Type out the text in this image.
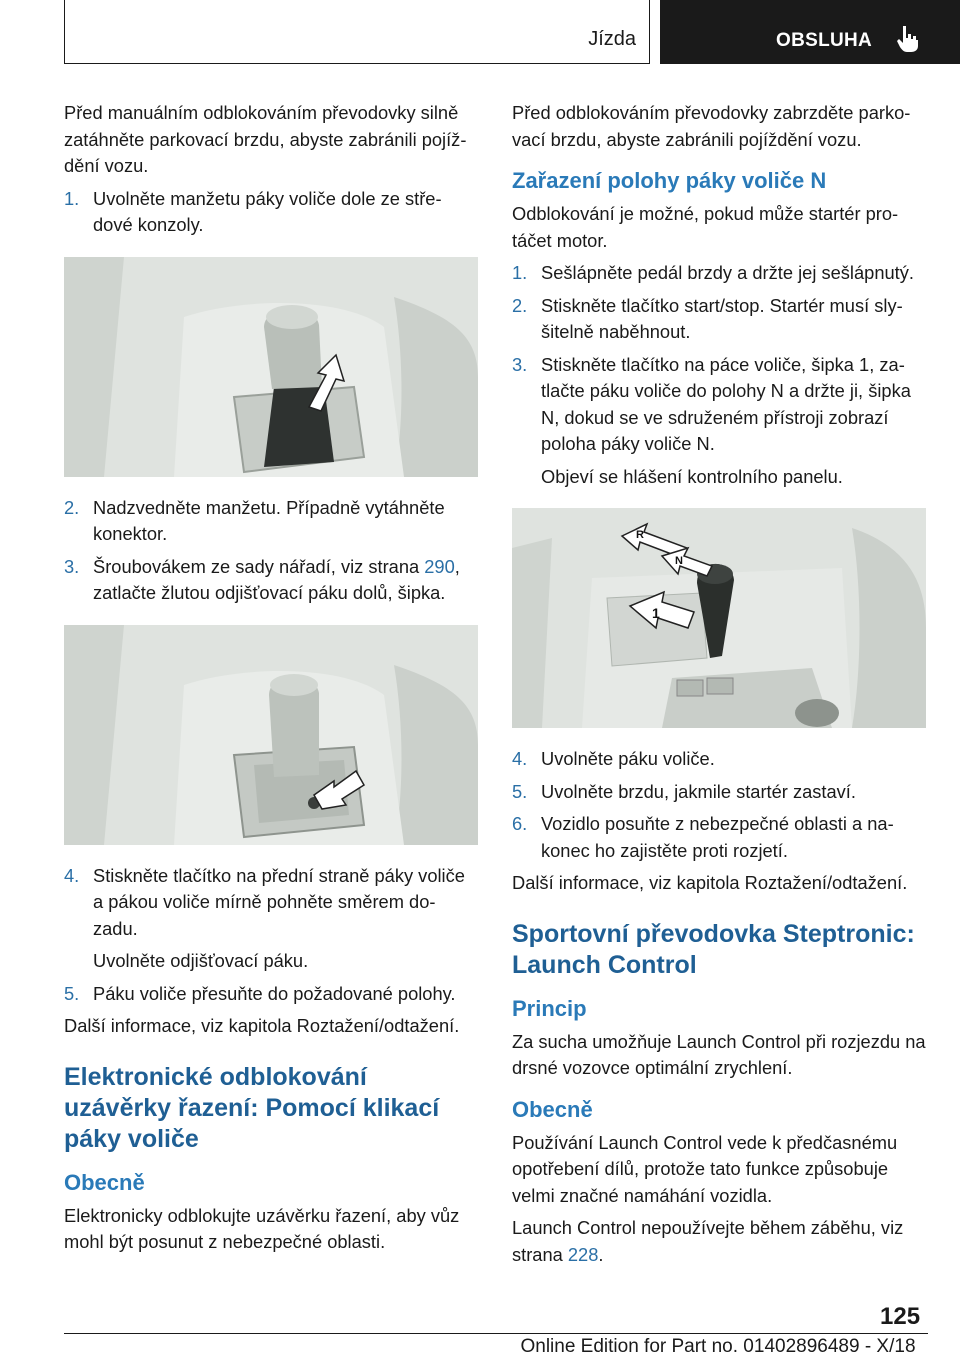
Jízda	OBSLUHA

Před manuálním odblokováním převodovky silně zatáhněte parkovací brzdu, abyste zabránili pojíž‐dění vozu.

1. Uvolněte manžetu páky voliče dole ze stře‐dové konzoly.
2. Nadzvedněte manžetu. Případně vytáhněte konektor.
3. Šroubovákem ze sady nářadí, viz strana 290, zatlačte žlutou odjišťovací páku dolů, šipka.
4. Stiskněte tlačítko na přední straně páky voliče a pákou voliče mírně pohněte směrem do‐zadu.

Uvolněte odjišťovací páku.

5. Páku voliče přesuňte do požadované polohy.

Další informace, viz kapitola Roztažení/odtažení.

Elektronické odblokování uzávěrky řazení: Pomocí klikací páky voliče
Obecně

Elektronicky odblokujte uzávěrku řazení, aby vůz mohl být posunut z nebezpečné oblasti.

Před odblokováním převodovky zabrzděte parko‐vací brzdu, abyste zabránili pojíždění vozu.

Zařazení polohy páky voliče N

Odblokování je možné, pokud může startér pro‐táčet motor.

1. Sešlápněte pedál brzdy a držte jej sešlápnutý.
2. Stiskněte tlačítko start/stop. Startér musí sly‐šitelně naběhnout.
3. Stiskněte tlačítko na páce voliče, šipka 1, za‐tlačte páku voliče do polohy N a držte ji, šipka N, dokud se ve sdruženém přístroji zobrazí poloha páky voliče N.

Objeví se hlášení kontrolního panelu.

R
N
1
4. Uvolněte páku voliče.
5. Uvolněte brzdu, jakmile startér zastaví.
6. Vozidlo posuňte z nebezpečné oblasti a na‐konec ho zajistěte proti rozjetí.

Další informace, viz kapitola Roztažení/odtažení.

Sportovní převodovka Steptronic: Launch Control
Princip

Za sucha umožňuje Launch Control při rozjezdu na drsné vozovce optimální zrychlení.

Obecně

Používání Launch Control vede k předčasnému opotřebení dílů, protože tato funkce způsobuje velmi značné namáhání vozidla.

Launch Control nepoužívejte během záběhu, viz strana 228.

125
Online Edition for Part no. 01402896489 - X/18
